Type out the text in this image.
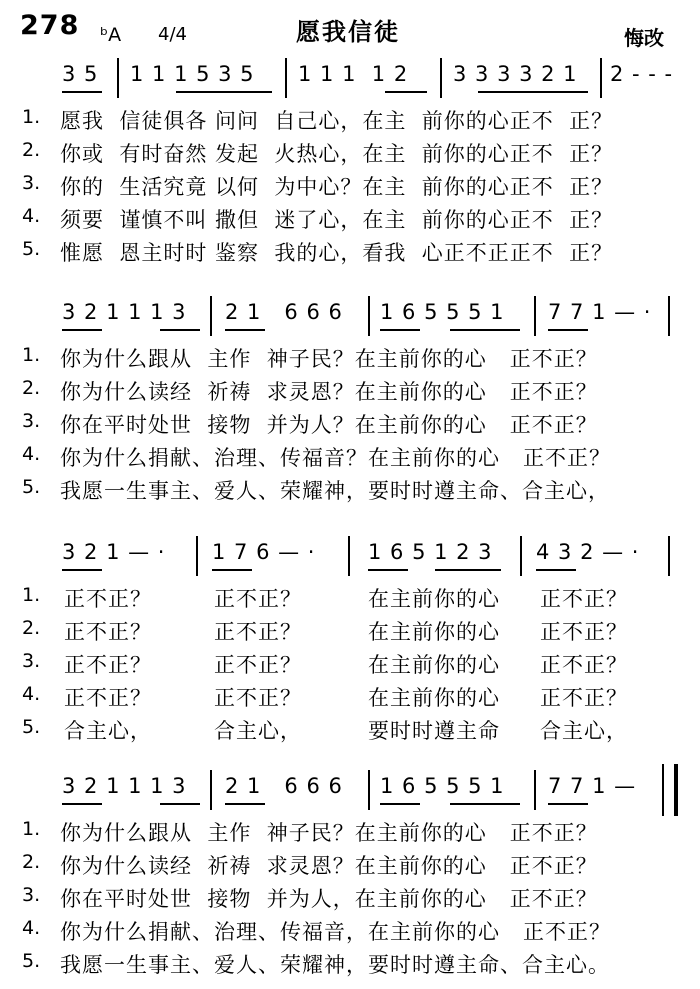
278 ᵇA 4/4	愿我信徒	悔改
3 5 1 1 1 5 3 5 1 1 1  1 2 3 3 3 3 2 1 2 - - -
1. 愿我  信徒俱各 问问  自己心，在主  前你的心正不  正？
2. 你或  有时奋然 发起  火热心，在主  前你的心正不  正？
3. 你的  生活究竟 以何  为中心？在主  前你的心正不  正？
4. 须要  谨慎不叫 撒但  迷了心，在主  前你的心正不  正？
5. 惟愿  恩主时时 鉴察  我的心，看我  心正不正正不  正？
3 2 1 1 1 3 2 1   6 6 6 1 6 5 5 5 1 7 7 1 — ·
1. 你为什么跟从  主作  神子民？在主前你的心   正不正？
2. 你为什么读经  祈祷  求灵恩？在主前你的心   正不正？
3. 你在平时处世  接物  并为人？在主前你的心   正不正？
4. 你为什么捐献、治理、传福音？在主前你的心   正不正？
5. 我愿一生事主、爱人、荣耀神，要时时遵主命、合主心，
3 2 1 — · 1 7 6 — ·	1 6 5 1 2 3 4 3 2 — ·
1. 正不正？	正不正？	在主前你的心 正不正？
2. 正不正？	正不正？	在主前你的心 正不正？
3. 正不正？	正不正？	在主前你的心 正不正？
4. 正不正？	正不正？	在主前你的心 正不正？
5. 合主心，	合主心，	要时时遵主命 合主心，
3 2 1 1 1 3 2 1   6 6 6 1 6 5 5 5 1 7 7 1 —
1. 你为什么跟从  主作  神子民？在主前你的心   正不正？
2. 你为什么读经  祈祷  求灵恩？在主前你的心   正不正？
3. 你在平时处世  接物  并为人，在主前你的心   正不正？
4. 你为什么捐献、治理、传福音，在主前你的心   正不正？
5. 我愿一生事主、爱人、荣耀神，要时时遵主命、合主心。
